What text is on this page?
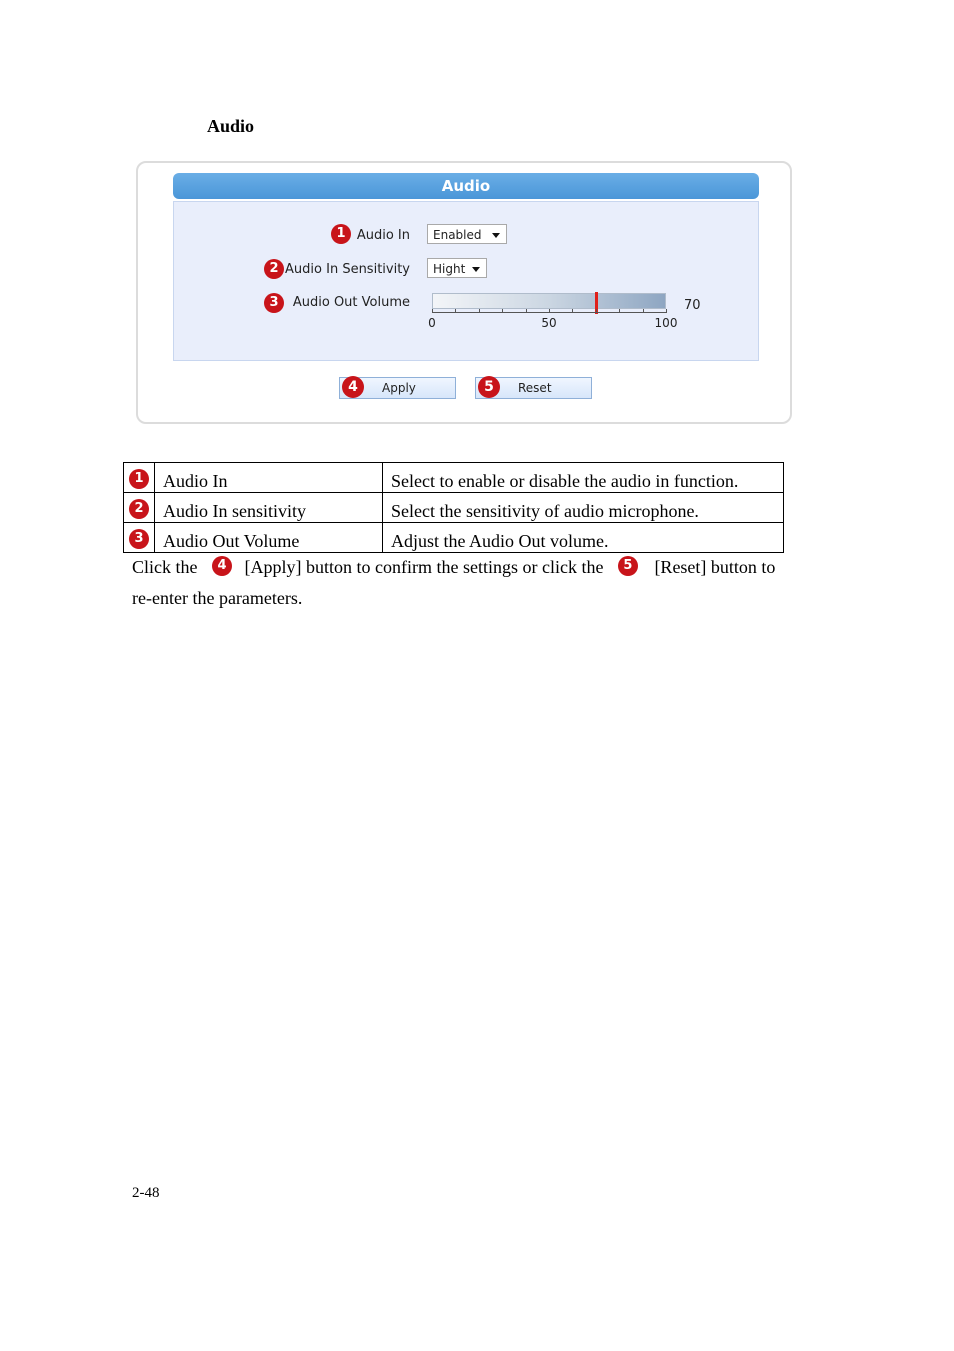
Audio
Audio
1 Audio In	Enabled
2 Audio In Sensitivity	Hight
3	Audio Out Volume
0	50	100
70
4	Apply	5	Reset
1	Audio In	Select to enable or disable the audio in function.
2	Audio In sensitivity	Select the sensitivity of audio microphone.
3	Audio Out Volume	Adjust the Audio Out volume.
Click the 4 [Apply] button to confirm the settings or click the 5 [Reset] button to
re-enter the parameters.
2-48
